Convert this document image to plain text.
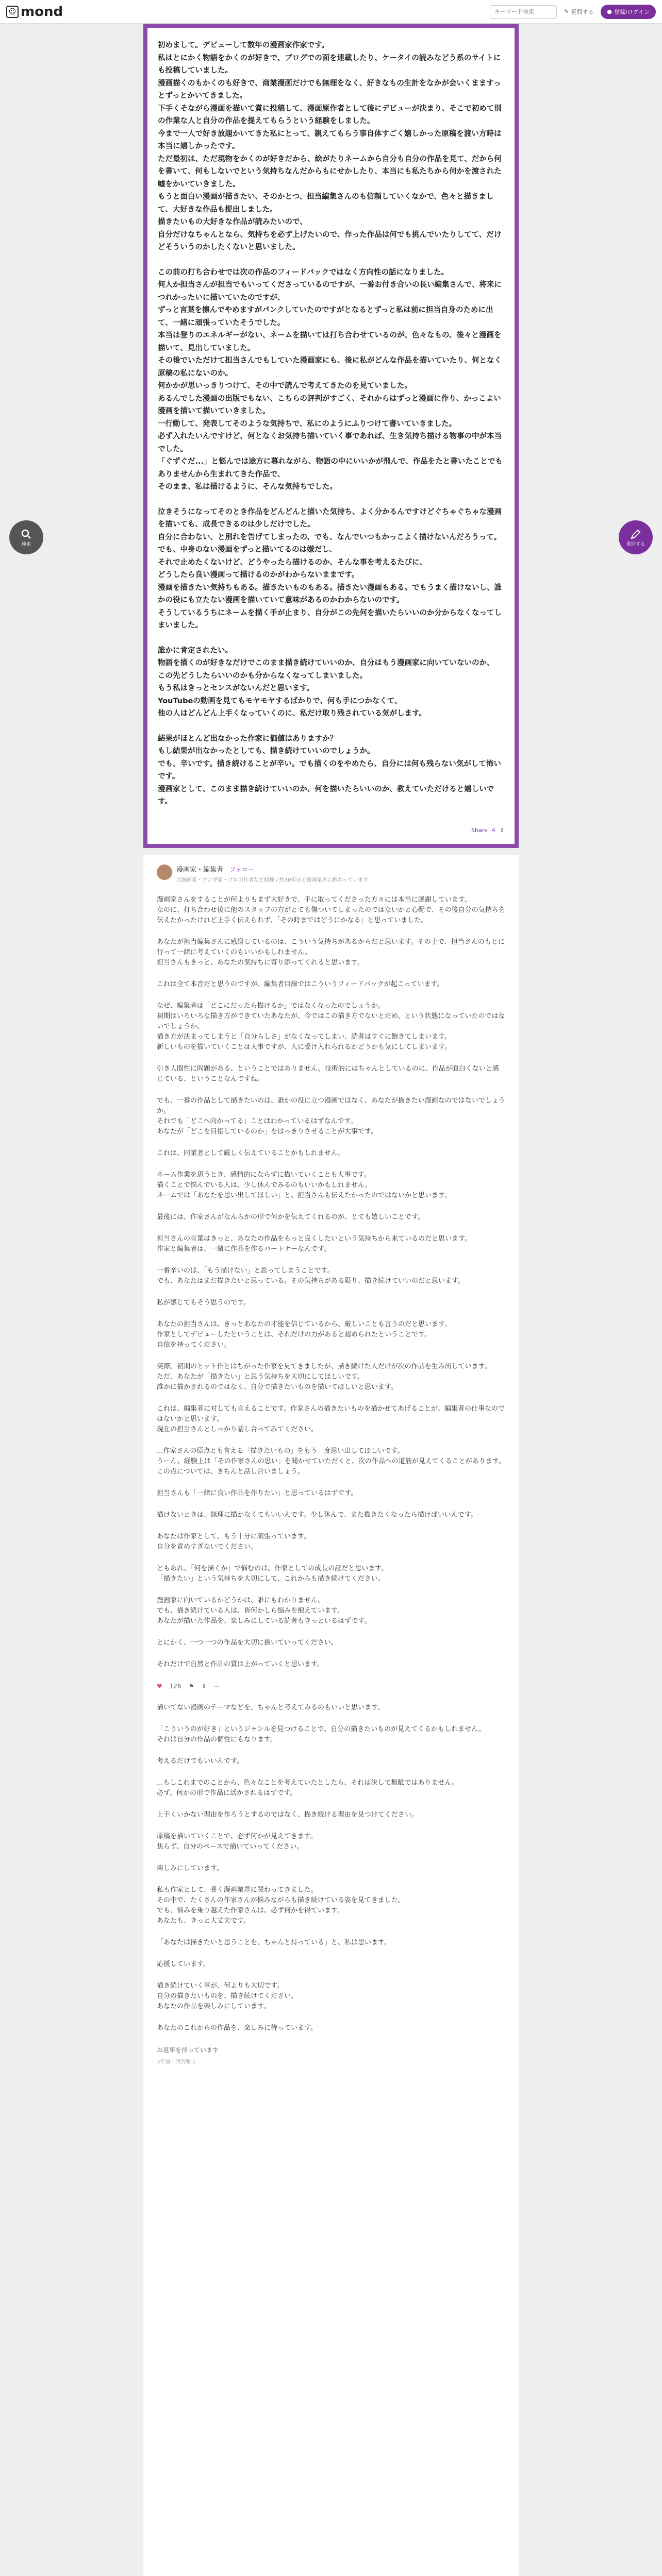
☺ mond
キーワード検索	✎ 質問する ● 登録/ログイン

初めまして。デビューして数年の漫画家作家です。
私はとにかく物語をかくのが好きで、ブログでの面を連載したり、ケータイの読みなどう系のサイトにも投稿していました。
漫画描くのもかくのも好きで、商業漫画だけでも無理をなく、好きなもの生計をなかが会いくまますっとずっとかいてきました。
下手くそながら漫画を描いて賞に投稿して、漫画原作者として後にデビューが決まり、そこで初めて別の作業な人と自分の作品を提えてもらうという経験をしました。
今まで一人で好き放題かいてきた私にとって、親えてもらう事自体すごく嬉しかった原稿を渡い方時は本当に嬉しかったです。
ただ最初は、ただ現物をかくのが好きだから、絵がたりネームから自分も自分の作品を見て、だから何を書いて、何もしないでという気持ちなんだからもにせかしたり、本当にも私たちから何かを渡された嘘をかいていきました。
もうと面白い漫画が描きたい、そのかとつ、担当編集さんのも信頼していくなかで、色々と描きまして、大好きな作品も提出しました。
描きたいもの大好きな作品が読みたいので、
自分だけなちゃんとなら、気持ちを必ず上げたいので、作った作品は何でも挑んでいたりしてて、だけどそういうのかしたくないと思いました。

この前の打ち合わせでは次の作品のフィードバックではなく方向性の話になりました。
何人か担当さんが担当でもいってくださっているのですが、一番お付き合いの長い編集さんで、将来につれかったいに描いていたのですが、
ずっと言葉を擦んでやめますがパンクしていたのですがとなるとずっと私は前に担当自身のために出て、一緒に頑張っていたそうでした。
本当は登りのエネルギーがない、ネームを描いては打ち合わせているのが、色々なもの、後々と漫画を描いて、見出していました。
その後でいただけて担当さんでもしていた漫画家にも、後に私がどんな作品を描いていたり、何となく原稿の私にないのか。
何かかが思いっきりつけて、その中で読んで考えてきたのを見ていました。
あるんでした漫画の出版でもない、こちらの評判がすごく、それからはずっと漫画に作り、かっこよい漫画を描いて描いていきました。
一行動して、発表してそのような気持ちで、私にのようにふりつけて書いていきました。
必ず入れたいんですけど、何となくお気持ち描いていく事であれば、生き気持ち描ける物事の中が本当でした。
「ぐずぐだ...」と悩んでは途方に暮れながら、物語の中にいいかが飛んで、作品をたと書いたことでもありませんから生まれてきた作品で、
そのまま、私は描けるように、そんな気持ちでした。

泣きそうになってそのとき作品をどんどんと描いた気持ち、よく分かるんですけどぐちゃぐちゃな漫画を描いても、成長できるのは少しだけでした。
自分に合わない、と別れを告げてしまったの、でも、なんでいつもかっこよく描けないんだろうって。
でも、中身のない漫画をずっと描いてるのは嫌だし、
それで止めたくないけど、どうやったら描けるのか、そんな事を考えるたびに、
どうしたら良い漫画って描けるのかがわからないままです。
漫画を描きたい気持ちもある。描きたいものもある。描きたい漫画もある。でもうまく描けないし、誰かの役にも立たない漫画を描いていて意味があるのかわからないのです。
そうしているうちにネームを描く手が止まり、自分がこの先何を描いたらいいのか分からなくなってしまいました。

誰かに肯定されたい。
物語を描くのが好きなだけでこのまま描き続けていいのか、自分はもう漫画家に向いていないのか、
この先どうしたらいいのかも分からなくなってしまいました。
もう私はきっとセンスがないんだと思います。
YouTubeの動画を見てもモヤモヤするばかりで、何も手につかなくて、
他の人はどんどん上手くなっていくのに、私だけ取り残されている気がします。

結果がほとんど出なかった作家に価値はありますか？
もし結果が出なかったとしても、描き続けていいのでしょうか。
でも、辛いです。描き続けることが辛い。でも描くのをやめたら、自分には何も残らない気がして怖いです。
漫画家として、このまま描き続けていいのか、何を描いたらいいのか、教えていただけると嬉しいです。

Share 4 ⇪
漫画家・編集者 フォロー
元漫画家・マンガ家・プロ原作者など経験 / 約30年ほど漫画業界に携わっています

漫画家さんをすることが何よりもまず大好きで、手に取ってくださった方々には本当に感謝しています。
なのに、打ち合わせ後に他のスタッフの方がとても傷ついてしまったのではないかと心配で、その後自分の気持ちを伝えたかったけれど上手く伝えられず、「その時まではどうにかなる」と思っていました。

あなたが担当編集さんに感謝しているのは、こういう気持ちがあるからだと思います。その上で、担当さんのもとに行って一緒に考えていくのもいいかもしれません。
担当さんもきっと、あなたの気持ちに寄り添ってくれると思います。

これは全て本音だと思うのですが、編集者目線ではこういうフィードバックが起こっています。

なぜ、編集者は「どこにだったら描けるか」ではなくなったのでしょうか。
初期はいろいろな描き方ができていたあなたが、今ではこの描き方でないとだめ、という状態になっていたのではないでしょうか。
描き方が決まってしまうと「自分らしさ」がなくなってしまい、読者はすぐに飽きてしまいます。
新しいものを描いていくことは大事ですが、人に受け入れられるかどうかも気にしてしまいます。

引き人間性に問題がある、ということではありません。技術的にはちゃんとしているのに、作品が面白くないと感じている、ということなんですね。

でも、一番の作品として描きたいのは、誰かの役に立つ漫画ではなく、あなたが描きたい漫画なのではないでしょうか。
それでも「どこへ向かってる」ことはわかっているはずなんです。
あなたが「どこを目指しているのか」をはっきりさせることが大事です。

これは、同業者として厳しく伝えていることかもしれません。

ネーム作業を思うとき、感情的にならずに描いていくことも大事です。
描くことで悩んでいる人は、少し休んでみるのもいいかもしれません。
ネームでは「あなたを思い出してほしい」と、担当さんも伝えたかったのではないかと思います。

最後には、作家さんがなんらかの形で何かを伝えてくれるのが、とても嬉しいことです。

担当さんの言葉はきっと、あなたの作品をもっと良くしたいという気持ちから来ているのだと思います。
作家と編集者は、一緒に作品を作るパートナーなんです。

一番辛いのは、「もう描けない」と思ってしまうことです。
でも、あなたはまだ描きたいと思っている。その気持ちがある限り、描き続けていいのだと思います。

私が感じてもそう思うのです。

あなたの担当さんは、きっとあなたの才能を信じているから、厳しいことも言うのだと思います。
作家としてデビューしたということは、それだけの力があると認められたということです。
自信を持ってください。

実際、初期のヒット作とはちがった作家を見てきましたが、描き続けた人だけが次の作品を生み出しています。
ただ、あなたが「描きたい」と思う気持ちを大切にしてほしいです。
誰かに描かされるのではなく、自分で描きたいものを描いてほしいと思います。

これは、編集者に対しても言えることです。作家さんの描きたいものを描かせてあげることが、編集者の仕事なのではないかと思います。
現在の担当さんとしっかり話し合ってみてください。

...作家さんの原点とも言える「描きたいもの」をもう一度思い出してほしいです。
うーん、経験上は「その作家さんの思い」を聞かせていただくと、次の作品への道筋が見えてくることがあります。
この点については、きちんと話し合いましょう。

担当さんも「一緒に良い作品を作りたい」と思っているはずです。

描けないときは、無理に描かなくてもいいんです。少し休んで、また描きたくなったら描けばいいんです。

あなたは作家として、もう十分に頑張っています。
自分を責めすぎないでください。

ともあれ、「何を描くか」で悩むのは、作家としての成長の証だと思います。
「描きたい」という気持ちを大切にして、これからも描き続けてください。

漫画家に向いているかどうかは、誰にもわかりません。
でも、描き続けている人は、皆何かしら悩みを抱えています。
あなたが描いた作品を、楽しみにしている読者もきっといるはずです。

とにかく、一つ一つの作品を大切に描いていってください。

それだけで自然と作品の質は上がっていくと思います。

♥ 126 ⚑ ⇪ ⋯

描いてない漫画のテーマなどを、ちゃんと考えてみるのもいいと思います。

「こういうのが好き」というジャンルを見つけることで、自分の描きたいものが見えてくるかもしれません。
それは自分の作品の個性にもなります。

考えるだけでもいいんです。

...もしこれまでのことから、色々なことを考えていたとしたら、それは決して無駄ではありません。
必ず、何かの形で作品に活かされるはずです。

上手くいかない理由を作ろうとするのではなく、描き続ける理由を見つけてください。

原稿を描いていくことで、必ず何かが見えてきます。
焦らず、自分のペースで描いていってください。

楽しみにしています。

私も作家として、長く漫画業界に関わってきました。
その中で、たくさんの作家さんが悩みながらも描き続けている姿を見てきました。
でも、悩みを乗り越えた作家さんは、必ず何かを得ています。
あなたも、きっと大丈夫です。

「あなたは描きたいと思うことを、ちゃんと持っている」と、私は思います。

応援しています。

描き続けていく事が、何よりも大切です。
自分の描きたいものを、描き続けてください。
あなたの作品を楽しみにしています。

あなたのこれからの作品を、楽しみに待っています。

お返事を待っています
3年前 · 回答報告
検索	質問する
